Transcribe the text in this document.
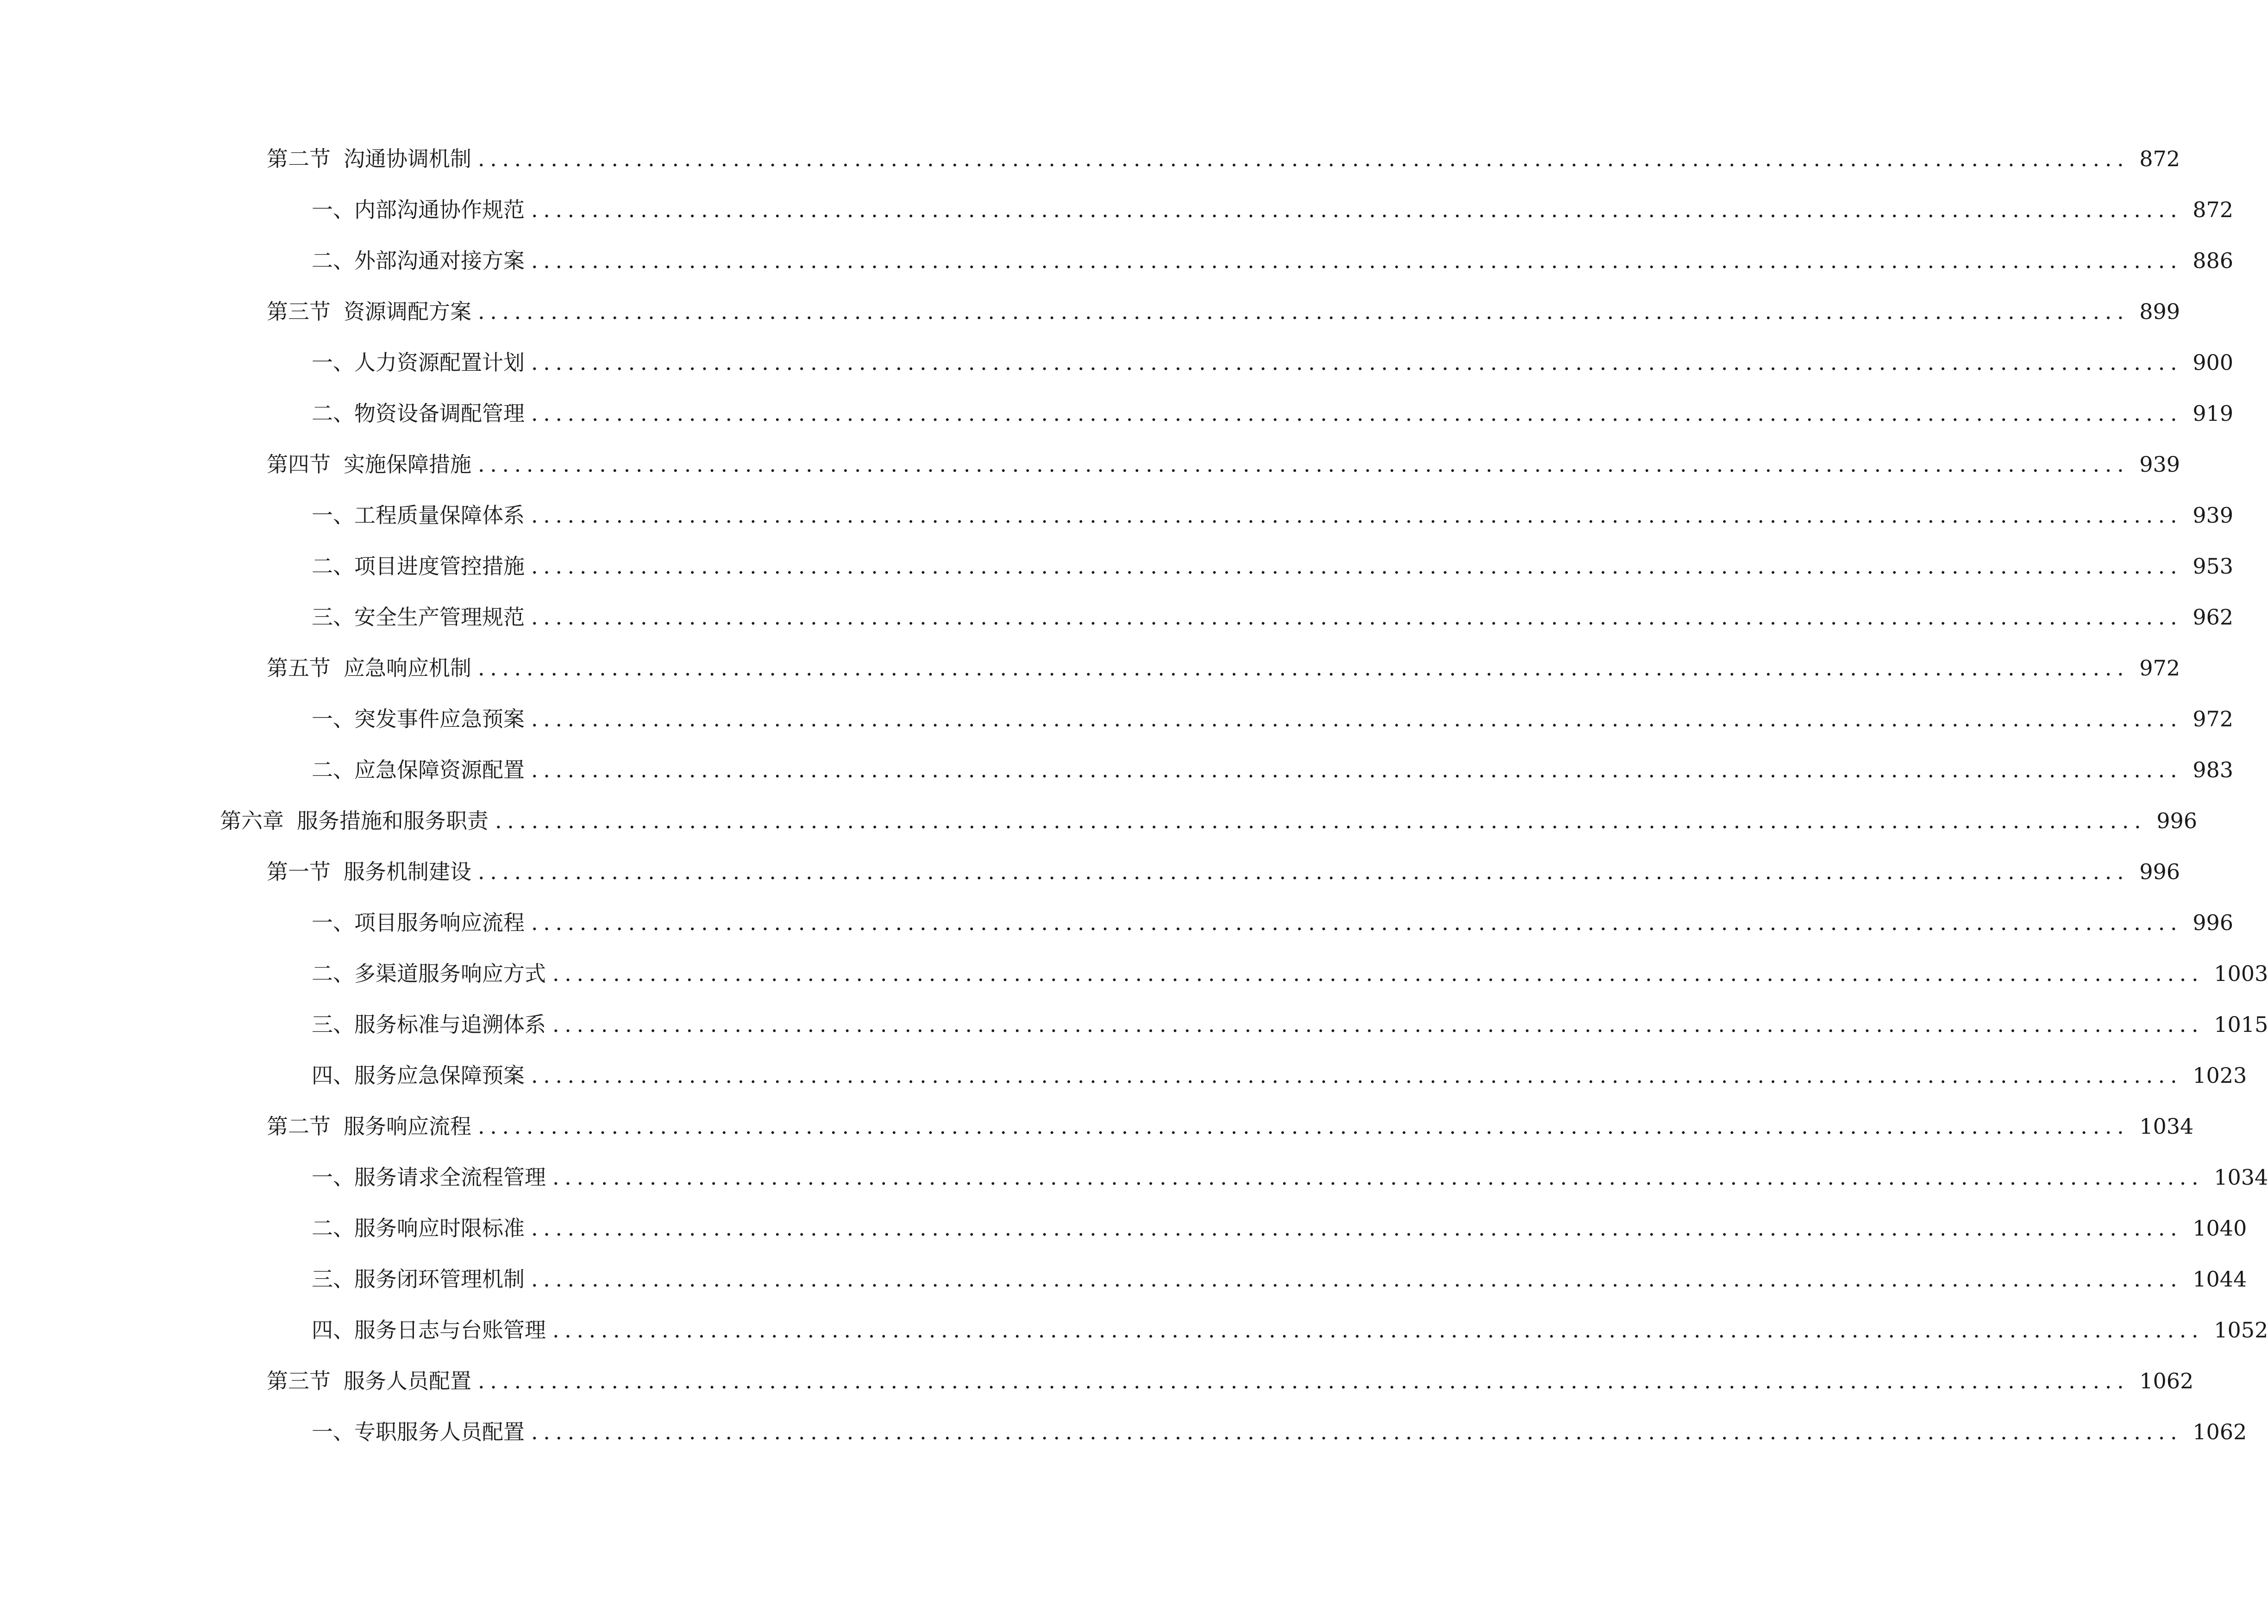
第二节 沟通协调机制 ........................................................................................................................................ 872
一、 内部沟通协作规范 ........................................................................................................................................ 872
二、 外部沟通对接方案 ........................................................................................................................................ 886
第三节 资源调配方案 ........................................................................................................................................ 899
一、 人力资源配置计划 ........................................................................................................................................ 900
二、 物资设备调配管理 ........................................................................................................................................ 919
第四节 实施保障措施 ........................................................................................................................................ 939
一、 工程质量保障体系 ........................................................................................................................................ 939
二、 项目进度管控措施 ........................................................................................................................................ 953
三、 安全生产管理规范 ........................................................................................................................................ 962
第五节 应急响应机制 ........................................................................................................................................ 972
一、 突发事件应急预案 ........................................................................................................................................ 972
二、 应急保障资源配置 ........................................................................................................................................ 983
第六章 服务措施和服务职责 ........................................................................................................................................ 996
第一节 服务机制建设 ........................................................................................................................................ 996
一、 项目服务响应流程 ........................................................................................................................................ 996
二、 多渠道服务响应方式 ........................................................................................................................................ 1003
三、 服务标准与追溯体系 ........................................................................................................................................ 1015
四、 服务应急保障预案 ........................................................................................................................................ 1023
第二节 服务响应流程 ........................................................................................................................................ 1034
一、 服务请求全流程管理 ........................................................................................................................................ 1034
二、 服务响应时限标准 ........................................................................................................................................ 1040
三、 服务闭环管理机制 ........................................................................................................................................ 1044
四、 服务日志与台账管理 ........................................................................................................................................ 1052
第三节 服务人员配置 ........................................................................................................................................ 1062
一、 专职服务人员配置 ........................................................................................................................................ 1062
